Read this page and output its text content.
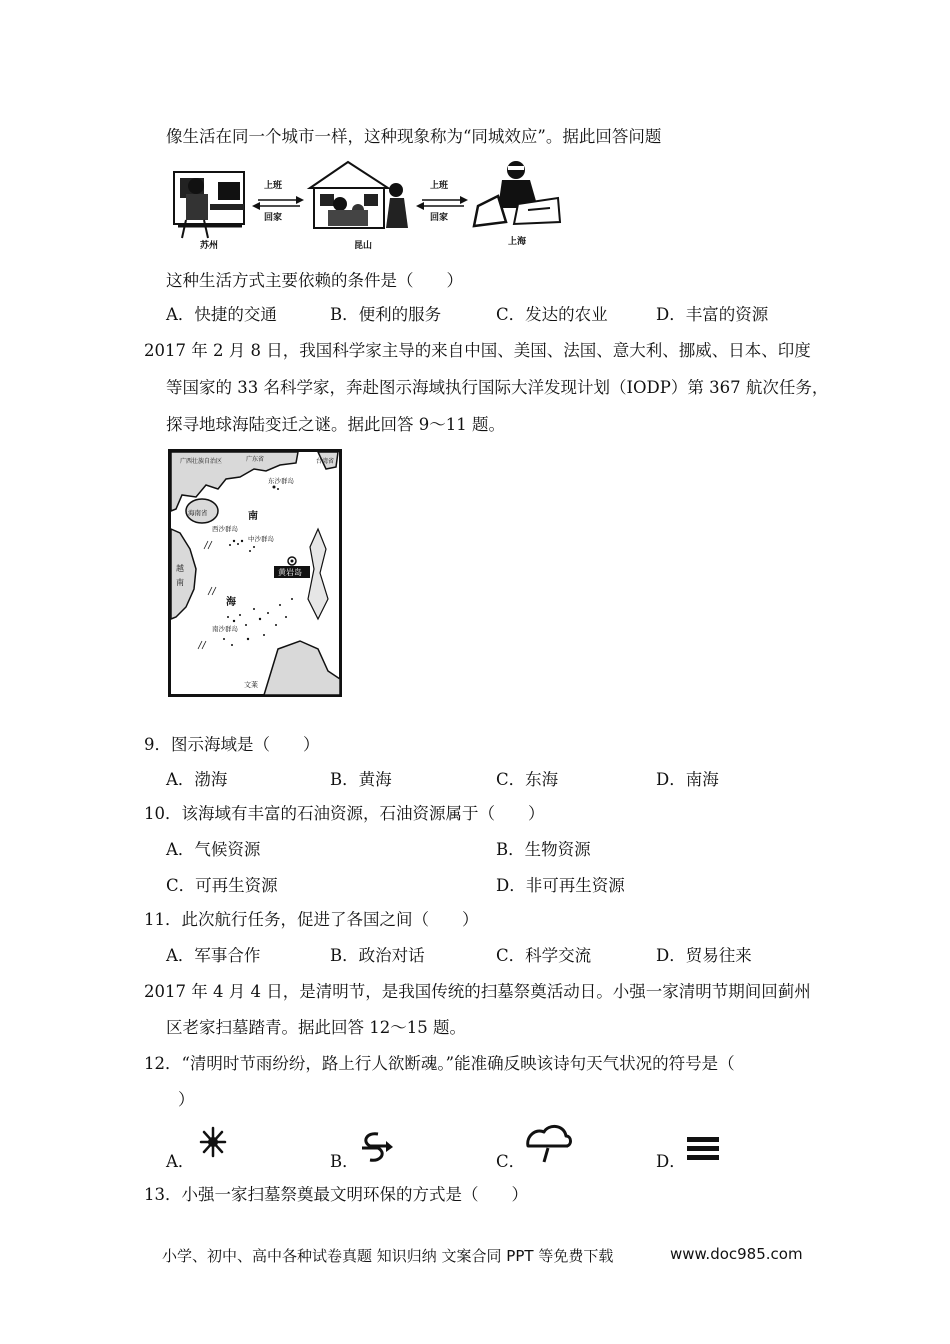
像生活在同一个城市一样，这种现象称为“同城效应”。据此回答问题
苏州
上班
回家
昆山
上班
回家
上海
这种生活方式主要依赖的条件是（　　）
A．快捷的交通	B．便利的服务	C．发达的农业	D．丰富的资源
2017 年 2 月 8 日，我国科学家主导的来自中国、美国、法国、意大利、挪威、日本、印度
等国家的 33 名科学家，奔赴图示海域执行国际大洋发现计划（IODP）第 367 航次任务，
探寻地球海陆变迁之谜。据此回答 9～11 题。
黄岩岛
广西壮族自治区	广东省	台湾省
东沙群岛
海南省
西沙群岛
中沙群岛
南
海
南沙群岛
越
南
文莱
9．图示海域是（　　）
A．渤海	B．黄海	C．东海	D．南海
10．该海域有丰富的石油资源，石油资源属于（　　）
A．气候资源	B．生物资源
C．可再生资源	D．非可再生资源
11．此次航行任务，促进了各国之间（　　）
A．军事合作	B．政治对话	C．科学交流	D．贸易往来
2017 年 4 月 4 日，是清明节，是我国传统的扫墓祭奠活动日。小强一家清明节期间回蓟州
区老家扫墓踏青。据此回答 12～15 题。
12．“清明时节雨纷纷，路上行人欲断魂。”能准确反映该诗句天气状况的符号是（
）
A．	B．	C．	D．
13．小强一家扫墓祭奠最文明环保的方式是（　　）
小学、初中、高中各种试卷真题 知识归纳 文案合同 PPT 等免费下载	www.doc985.com
